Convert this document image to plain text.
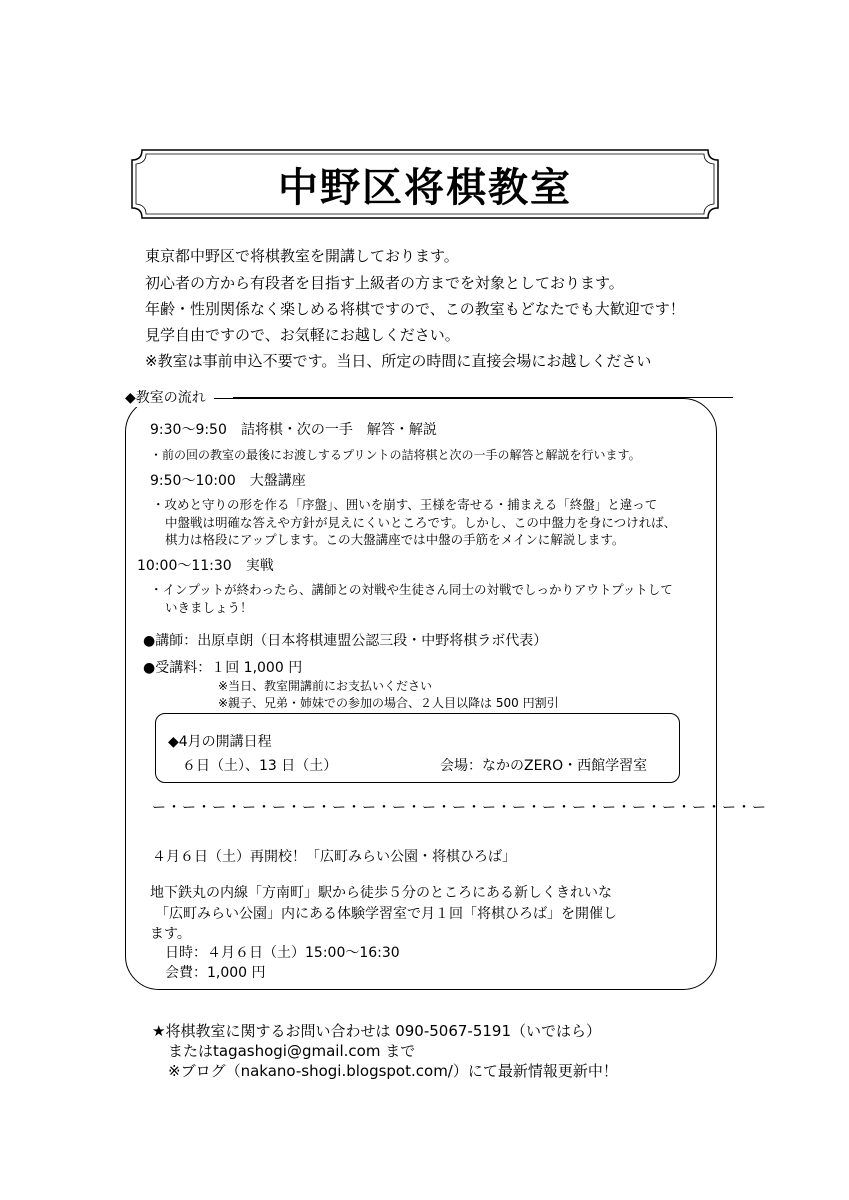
中野区将棋教室
東京都中野区で将棋教室を開講しております。
初心者の方から有段者を目指す上級者の方までを対象としております。
年齢・性別関係なく楽しめる将棋ですので、この教室もどなたでも大歓迎です！
見学自由ですので、お気軽にお越しください。
※教室は事前申込不要です。当日、所定の時間に直接会場にお越しください
◆教室の流れ
9:30〜9:50　詰将棋・次の一手　解答・解説
・前の回の教室の最後にお渡しするプリントの詰将棋と次の一手の解答と解説を行います。
9:50〜10:00　大盤講座
・攻めと守りの形を作る「序盤」、囲いを崩す、王様を寄せる・捕まえる「終盤」と違って
中盤戦は明確な答えや方針が見えにくいところです。しかし、この中盤力を身につければ、
棋力は格段にアップします。この大盤講座では中盤の手筋をメインに解説します。
10:00〜11:30　実戦
・インプットが終わったら、講師との対戦や生徒さん同士の対戦でしっかりアウトプットして
いきましょう！
●講師：出原卓朗（日本将棋連盟公認三段・中野将棋ラボ代表）
●受講料：１回 1,000 円
※当日、教室開講前にお支払いください
※親子、兄弟・姉妹での参加の場合、２人目以降は 500 円割引
◆4月の開講日程
６日（土）、13 日（土）	会場：なかのZERO・西館学習室
ー・ー・ー・ー・ー・ー・ー・ー・ー・ー・ー・ー・ー・ー・ー・ー・ー・ー・ー・ー・ー
４月６日（土）再開校！「広町みらい公園・将棋ひろば」
地下鉄丸の内線「方南町」駅から徒歩５分のところにある新しくきれいな
「広町みらい公園」内にある体験学習室で月１回「将棋ひろば」を開催し
ます。
日時：４月６日（土）15:00〜16:30
会費：1,000 円
★将棋教室に関するお問い合わせは 090-5067-5191（いではら）
またはtagashogi@gmail.com まで
※ブログ（nakano-shogi.blogspot.com/）にて最新情報更新中！
